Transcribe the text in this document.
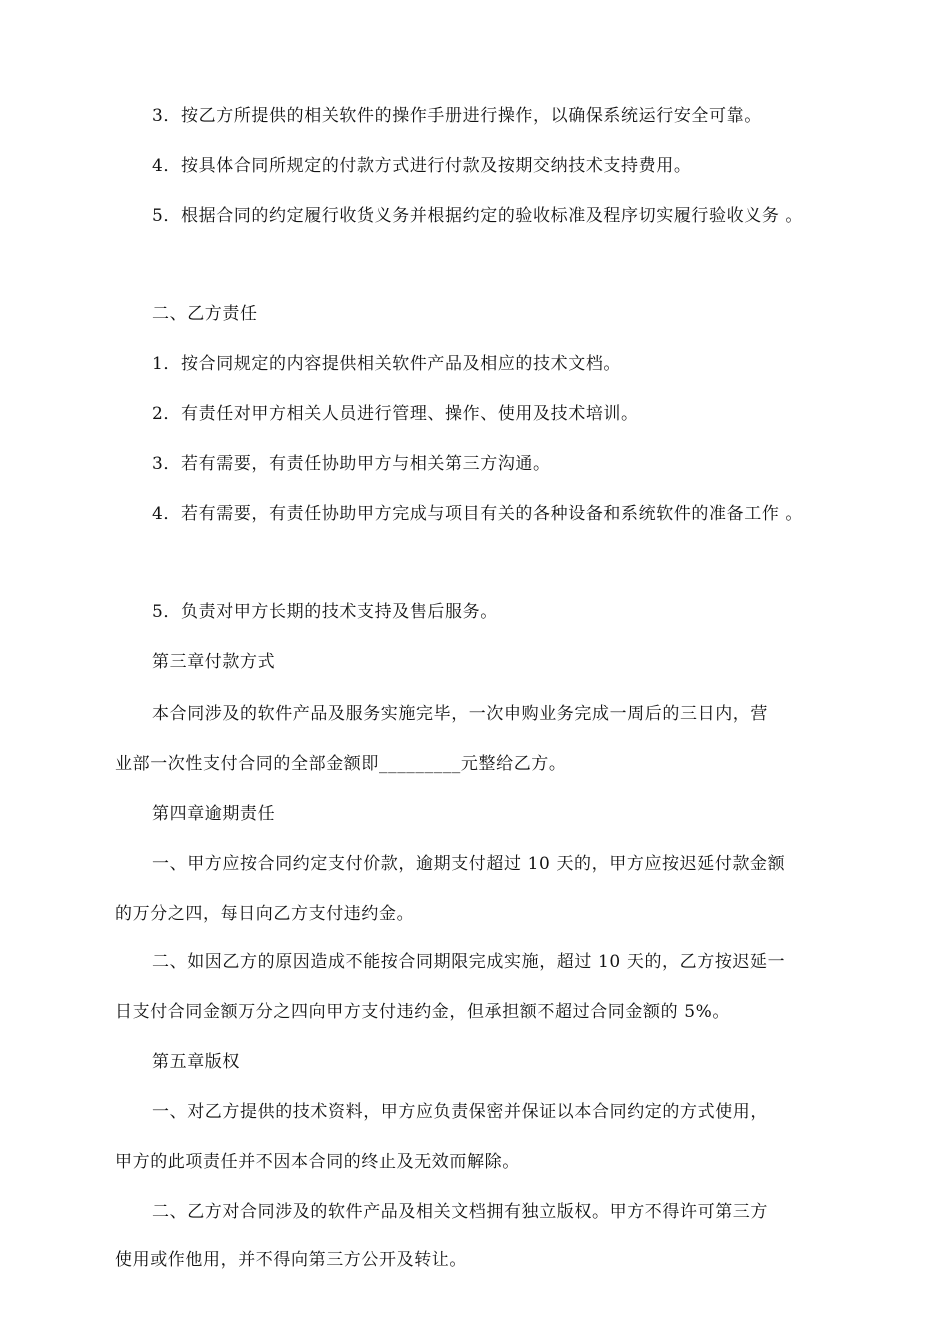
3．按乙方所提供的相关软件的操作手册进行操作，以确保系统运行安全可靠。

4．按具体合同所规定的付款方式进行付款及按期交纳技术支持费用。

5．根据合同的约定履行收货义务并根据约定的验收标准及程序切实履行验收义务 。

二、乙方责任

1．按合同规定的内容提供相关软件产品及相应的技术文档。

2．有责任对甲方相关人员进行管理、操作、使用及技术培训。

3．若有需要，有责任协助甲方与相关第三方沟通。

4．若有需要，有责任协助甲方完成与项目有关的各种设备和系统软件的准备工作 。

5．负责对甲方长期的技术支持及售后服务。

第三章付款方式

本合同涉及的软件产品及服务实施完毕，一次申购业务完成一周后的三日内，营

业部一次性支付合同的全部金额即_________元整给乙方。

第四章逾期责任

一、甲方应按合同约定支付价款，逾期支付超过 10 天的，甲方应按迟延付款金额

的万分之四，每日向乙方支付违约金。

二、如因乙方的原因造成不能按合同期限完成实施，超过 10 天的，乙方按迟延一

日支付合同金额万分之四向甲方支付违约金，但承担额不超过合同金额的 5%。

第五章版权

一、对乙方提供的技术资料，甲方应负责保密并保证以本合同约定的方式使用，

甲方的此项责任并不因本合同的终止及无效而解除。

二、乙方对合同涉及的软件产品及相关文档拥有独立版权。甲方不得许可第三方

使用或作他用，并不得向第三方公开及转让。
